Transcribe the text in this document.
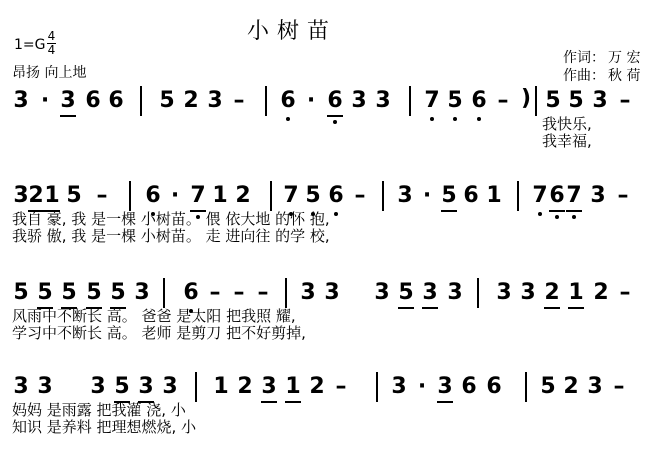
小树苗
1=G
4
4
昂扬 向上地
作词： 万 宏
作曲： 秋 荷
3 · 3 6 6 5 2 3 – 6 · 6 3 3 7 5 6 – 5 5 3 –
我快乐,
我幸福,
3 2 1 5 – 6 · 7 1 2 7 5 6 – 3 · 5 6 1 7 6 7 3 –
我自 豪, 我 是一棵 小树苗。 偎 依大地 的怀 抱,
我骄 傲, 我 是一棵 小树苗。 走 进向往 的学 校,
5 5 5 5 5 3 6 – – – 3 3 3 5 3 3 3 3 2 1 2 –
风雨中不断长 高。 爸爸 是太阳 把我照 耀,
学习中不断长 高。 老师 是剪刀 把不好剪掉,
3 3 3 5 3 3 1 2 3 1 2 – 3 · 3 6 6 5 2 3 –
妈妈 是雨露 把我灌 浇, 小
知识 是养料 把理想燃烧, 小
)
